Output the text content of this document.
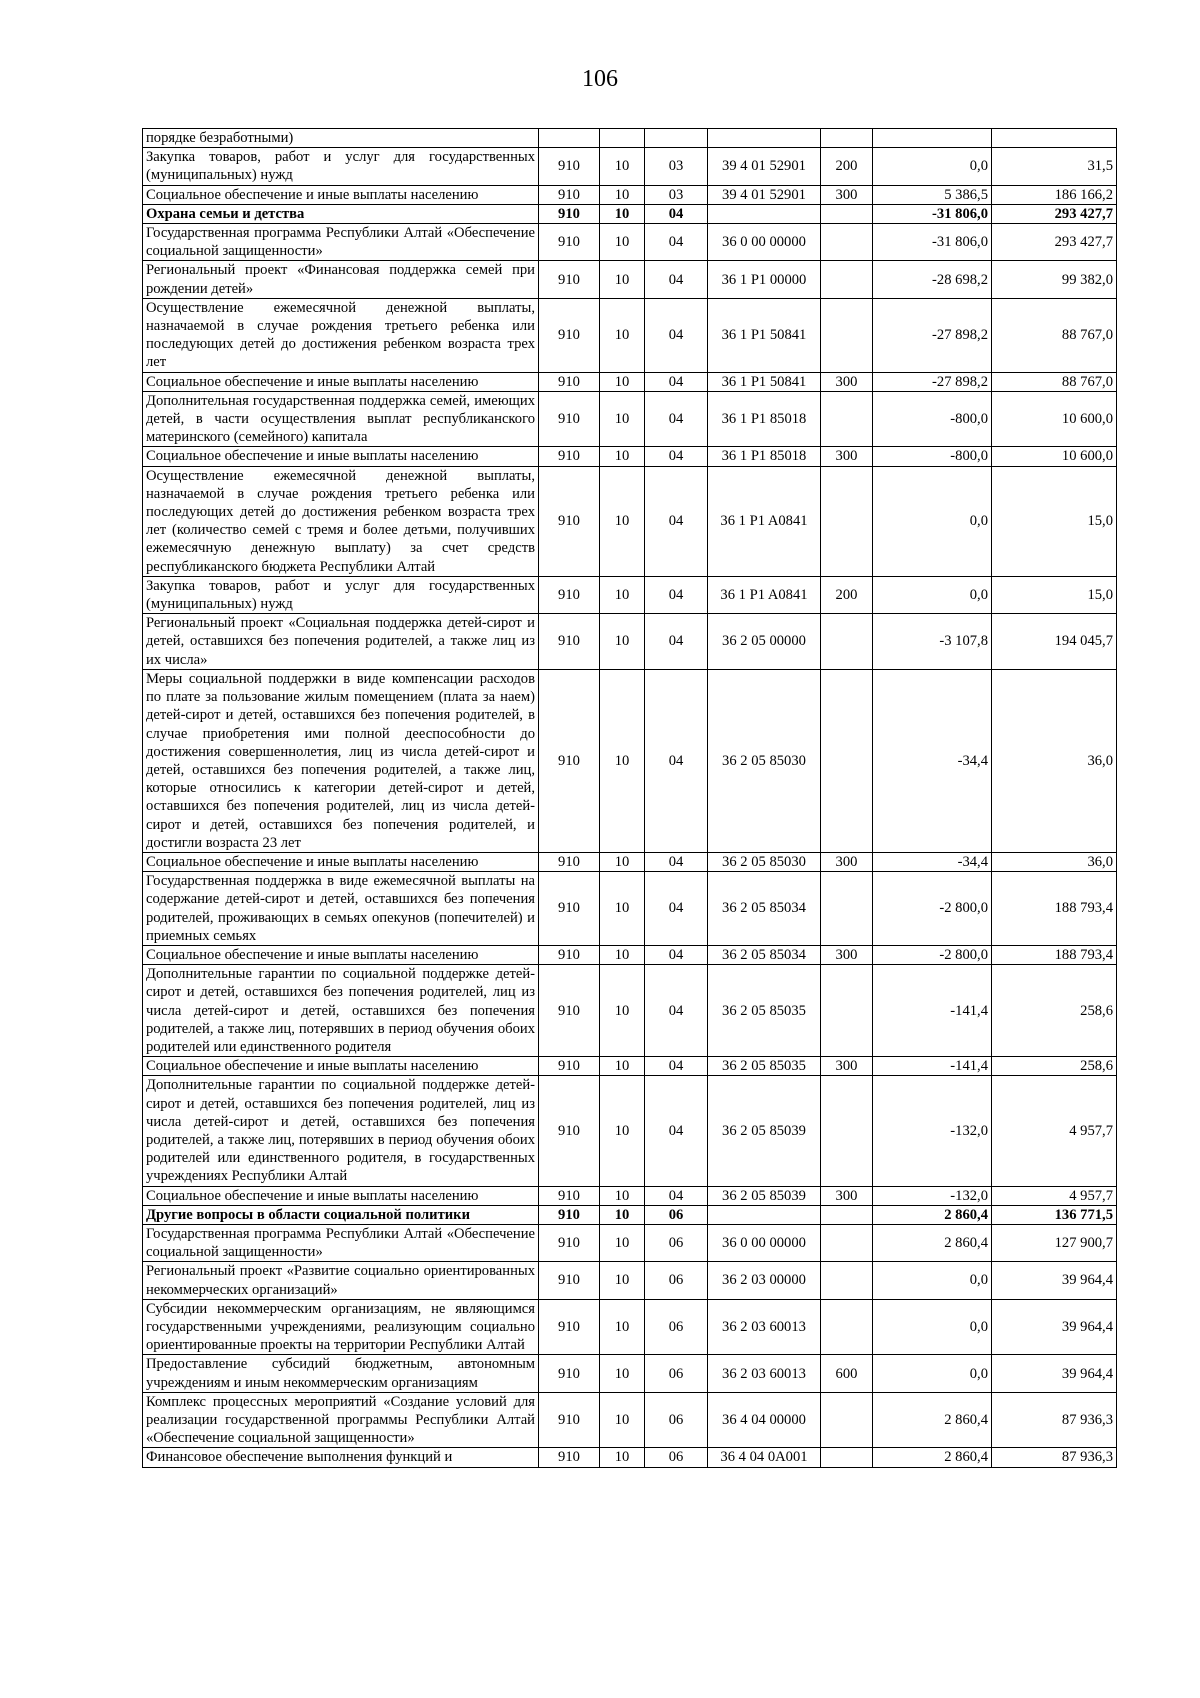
106
порядке безработными)							
Закупка товаров, работ и услуг для государственных (муниципальных) нужд	910	10	03	39 4 01 52901	200	0,0	31,5
Социальное обеспечение и иные выплаты населению	910	10	03	39 4 01 52901	300	5 386,5	186 166,2
Охрана семьи и детства	910	10	04			-31 806,0	293 427,7
Государственная программа Республики Алтай «Обеспечение социальной защищенности»	910	10	04	36 0 00 00000		-31 806,0	293 427,7
Региональный проект «Финансовая поддержка семей при рождении детей»	910	10	04	36 1 P1 00000		-28 698,2	99 382,0
Осуществление ежемесячной денежной выплаты, назначаемой в случае рождения третьего ребенка или последующих детей до достижения ребенком возраста трех лет	910	10	04	36 1 P1 50841		-27 898,2	88 767,0
Социальное обеспечение и иные выплаты населению	910	10	04	36 1 P1 50841	300	-27 898,2	88 767,0
Дополнительная государственная поддержка семей, имеющих детей, в части осуществления выплат республиканского материнского (семейного) капитала	910	10	04	36 1 P1 85018		-800,0	10 600,0
Социальное обеспечение и иные выплаты населению	910	10	04	36 1 P1 85018	300	-800,0	10 600,0
Осуществление ежемесячной денежной выплаты, назначаемой в случае рождения третьего ребенка или последующих детей до достижения ребенком возраста трех лет (количество семей с тремя и более детьми, получивших ежемесячную денежную выплату) за счет средств республиканского бюджета Республики Алтай	910	10	04	36 1 P1 A0841		0,0	15,0
Закупка товаров, работ и услуг для государственных (муниципальных) нужд	910	10	04	36 1 P1 A0841	200	0,0	15,0
Региональный проект «Социальная поддержка детей-сирот и детей, оставшихся без попечения родителей, а также лиц из их числа»	910	10	04	36 2 05 00000		-3 107,8	194 045,7
Меры социальной поддержки в виде компенсации расходов по плате за пользование жилым помещением (плата за наем) детей-сирот и детей, оставшихся без попечения родителей, в случае приобретения ими полной дееспособности до достижения совершеннолетия, лиц из числа детей-сирот и детей, оставшихся без попечения родителей, а также лиц, которые относились к категории детей-сирот и детей, оставшихся без попечения родителей, лиц из числа детей-сирот и детей, оставшихся без попечения родителей, и достигли возраста 23 лет	910	10	04	36 2 05 85030		-34,4	36,0
Социальное обеспечение и иные выплаты населению	910	10	04	36 2 05 85030	300	-34,4	36,0
Государственная поддержка в виде ежемесячной выплаты на содержание детей-сирот и детей, оставшихся без попечения родителей, проживающих в семьях опекунов (попечителей) и приемных семьях	910	10	04	36 2 05 85034		-2 800,0	188 793,4
Социальное обеспечение и иные выплаты населению	910	10	04	36 2 05 85034	300	-2 800,0	188 793,4
Дополнительные гарантии по социальной поддержке детей-сирот и детей, оставшихся без попечения родителей, лиц из числа детей-сирот и детей, оставшихся без попечения родителей, а также лиц, потерявших в период обучения обоих родителей или единственного родителя	910	10	04	36 2 05 85035		-141,4	258,6
Социальное обеспечение и иные выплаты населению	910	10	04	36 2 05 85035	300	-141,4	258,6
Дополнительные гарантии по социальной поддержке детей-сирот и детей, оставшихся без попечения родителей, лиц из числа детей-сирот и детей, оставшихся без попечения родителей, а также лиц, потерявших в период обучения обоих родителей или единственного родителя, в государственных учреждениях Республики Алтай	910	10	04	36 2 05 85039		-132,0	4 957,7
Социальное обеспечение и иные выплаты населению	910	10	04	36 2 05 85039	300	-132,0	4 957,7
Другие вопросы в области социальной политики	910	10	06			2 860,4	136 771,5
Государственная программа Республики Алтай «Обеспечение социальной защищенности»	910	10	06	36 0 00 00000		2 860,4	127 900,7
Региональный проект «Развитие социально ориентированных некоммерческих организаций»	910	10	06	36 2 03 00000		0,0	39 964,4
Субсидии некоммерческим организациям, не являющимся государственными учреждениями, реализующим социально ориентированные проекты на территории Республики Алтай	910	10	06	36 2 03 60013		0,0	39 964,4
Предоставление субсидий бюджетным, автономным учреждениям и иным некоммерческим организациям	910	10	06	36 2 03 60013	600	0,0	39 964,4
Комплекс процессных мероприятий «Создание условий для реализации государственной программы Республики Алтай «Обеспечение социальной защищенности»	910	10	06	36 4 04 00000		2 860,4	87 936,3
Финансовое обеспечение выполнения функций и	910	10	06	36 4 04 0A001		2 860,4	87 936,3
